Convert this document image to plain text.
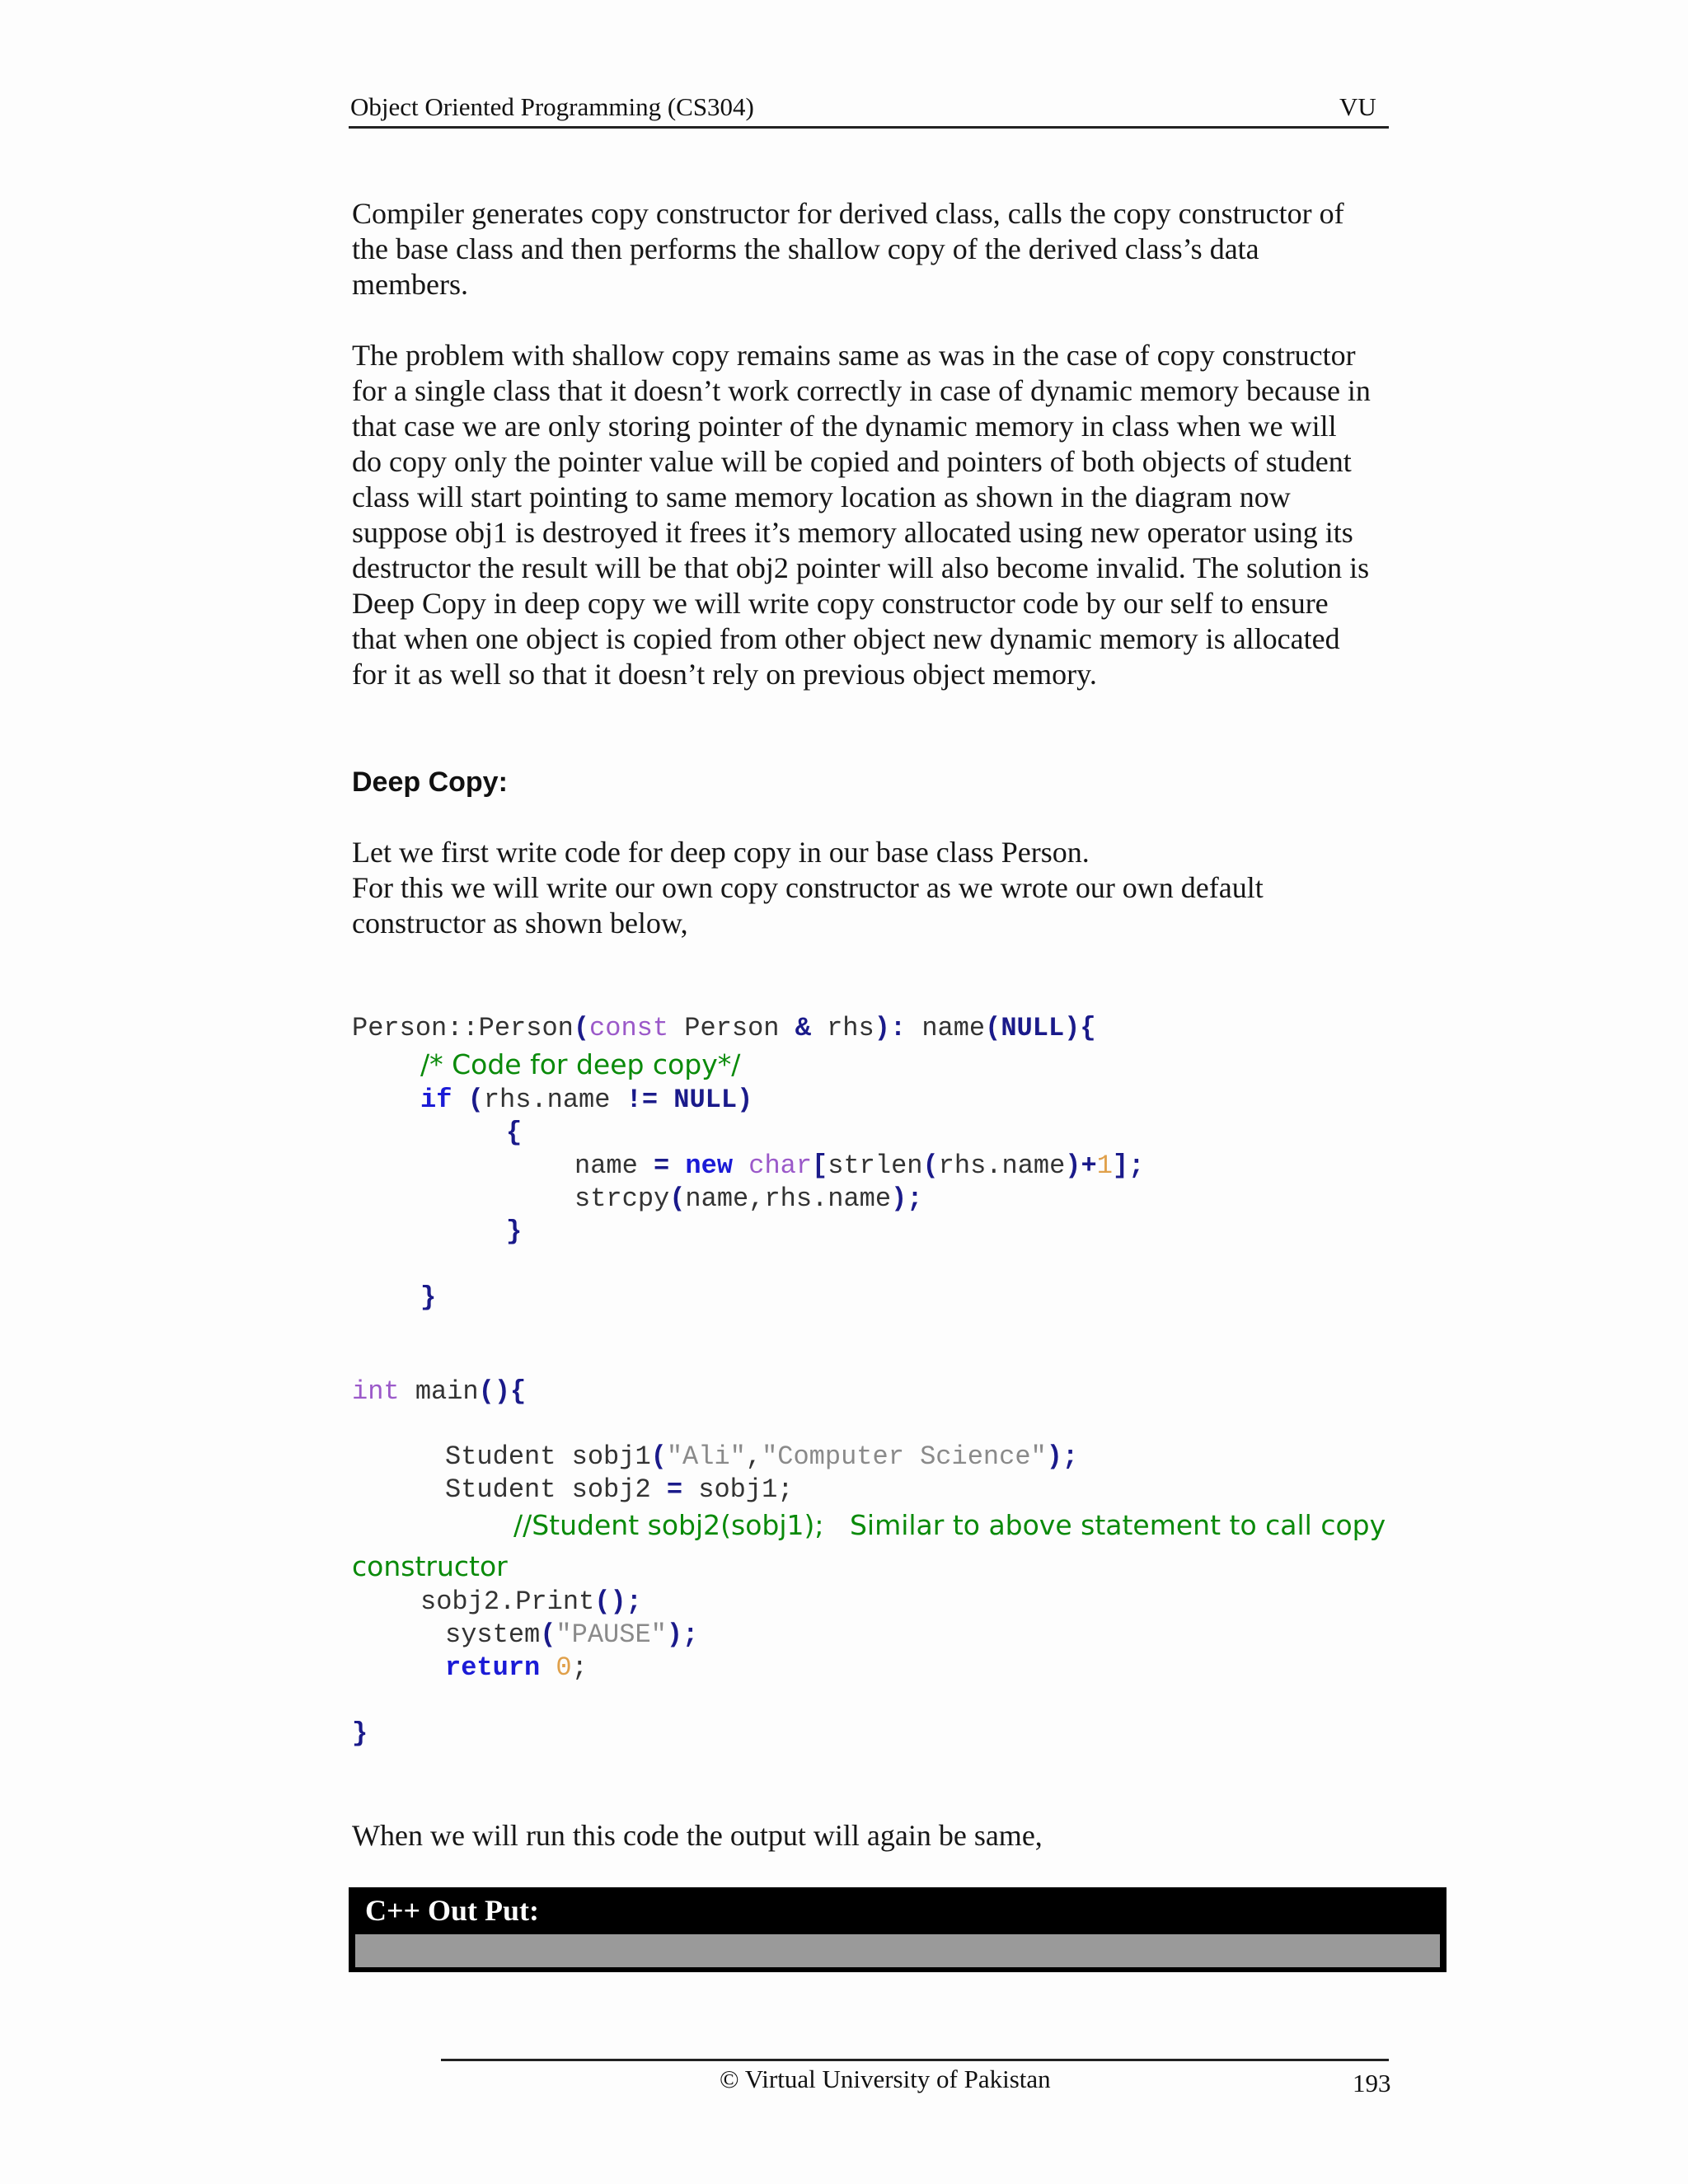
Object Oriented Programming (CS304)	VU
Compiler generates copy constructor for derived class, calls the copy constructor of
the base class and then performs the shallow copy of the derived class’s data
members.
The problem with shallow copy remains same as was in the case of copy constructor
for a single class that it doesn’t work correctly in case of dynamic memory because in
that case we are only storing pointer of the dynamic memory in class when we will
do copy only the pointer value will be copied and pointers of both objects of student
class will start pointing to same memory location as shown in the diagram now
suppose obj1 is destroyed it frees it’s memory allocated using new operator using its
destructor the result will be that obj2 pointer will also become invalid. The solution is
Deep Copy in deep copy we will write copy constructor code by our self to ensure
that when one object is copied from other object new dynamic memory is allocated
for it as well so that it doesn’t rely on previous object memory.
Deep Copy:
Let we first write code for deep copy in our base class Person.
For this we will write our own copy constructor as we wrote our own default
constructor as shown below,
Person::Person(const Person & rhs): name(NULL){
/* Code for deep copy*/
if (rhs.name != NULL)
{
name = new char[strlen(rhs.name)+1];
strcpy(name,rhs.name);
}
}
int main(){
Student sobj1("Ali","Computer Science");
Student sobj2 = sobj1;
//Student sobj2(sobj1);   Similar to above statement to call copy
constructor
sobj2.Print();
system("PAUSE");
return 0;
}
When we will run this code the output will again be same,
C++ Out Put:
© Virtual University of Pakistan	193
